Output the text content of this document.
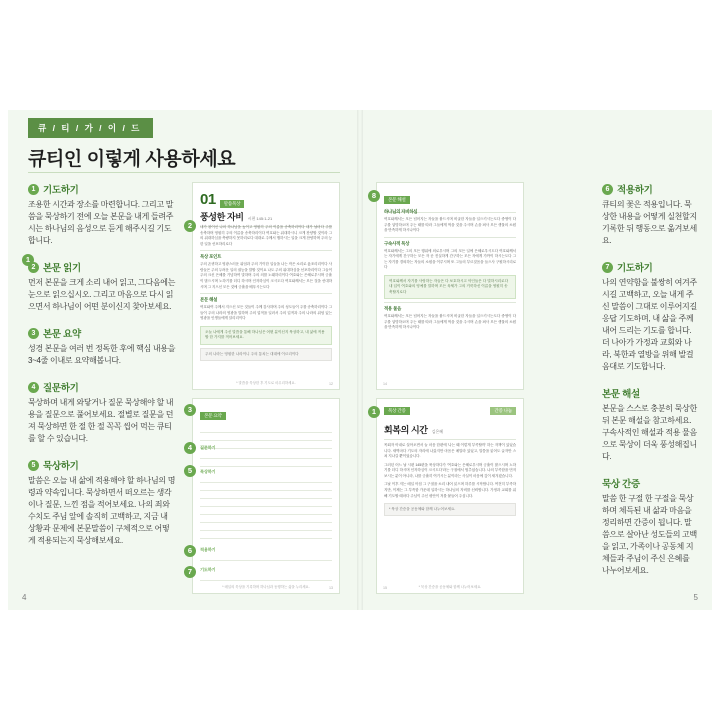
큐 / 티 / 가 / 이 / 드
큐티인 이렇게 사용하세요
1 기도하기
조용한 시간과 장소를 마련합니다. 그리고 말씀을 묵상하기 전에 오늘 본문을 내게 들려주시는 하나님의 음성으로 듣게 해주시길 기도합니다.
2 본문 읽기
먼저 본문을 크게 소리 내어 읽고, 그다음에는 눈으로 읽으십시오. 그리고 마음으로 다시 읽으면서 하나님이 어떤 분이신지 찾아보세요.
3 본문 요약
성경 본문을 여러 번 정독한 후에 핵심 내용을 3~4줄 이내로 요약해봅니다.
4 질문하기
묵상하며 내게 와닿거나 질문 묵상해야 할 내용을 질문으로 풀어보세요. 절별로 질문을 던져 묵상하면 한 절 한 절 꼭꼭 씹어 먹는 큐티를 할 수 있습니다.
5 묵상하기
말씀은 오늘 내 삶에 적용해야 할 하나님의 명령과 약속입니다. 묵상하면서 떠오르는 생각이나 질문, 느낀 점을 적어보세요. 나의 죄와 수치도 주님 앞에 솔직히 고백하고, 지금 내 상황과 문제에 본문말씀이 구체적으로 어떻게 적용되는지 묵상해보세요.
01	말씀묵상
풍성한 자비 시편 145:1-21
내가 왕이신 나의 하나님을 높이고 영원히 주의 이름을 송축하리이다 내가 날마다 주를 송축하며 영원히 주의 이름을 송축하리이다 여호와는 위대하시니 크게 찬양할 것이라 그의 위대하심을 측량하지 못하리로다 대대로 주께서 행하시는 일을 크게 찬양하며 주의 능한 일을 선포하리로다
묵상 포인트
주의 존귀하고 영광스러운 위엄과 주의 기이한 일들을 나는 작은 소리로 읊조리리이다 사람들은 주의 두려운 일의 권능을 말할 것이요 나도 주의 위대하심을 선포하리이다 그들이 주의 크신 은혜를 기념하여 말하며 주의 의를 노래하리이다 여호와는 은혜로우시며 긍휼이 많으시며 노하기를 더디 하시며 인자하심이 크시도다 여호와께서는 모든 것을 선대하시며 그 지으신 모든 것에 긍휼을 베푸시는도다
본문 해설
여호와여 주께서 지으신 모든 것들이 주께 감사하며 주의 성도들이 주를 송축하리이다 그들이 주의 나라의 영광을 말하며 주의 업적을 일러서 주의 업적과 주의 나라의 위엄 있는 영광을 인생들에게 알리리이다
오늘 나에게 주신 말씀을 통해 하나님은 어떤 분이신지 묵상하고, 내 삶에 적용할 한 가지를 적어보세요.
주의 나라는 영원한 나라이니 주의 통치는 대대에 이르리이다
* 말씀을 묵상한 후 기도로 마무리하세요.	12
본문 요약
질문하기
묵상하기
적용하기
기도하기
* 매일의 묵상을 기록하며 하나님과 동행하는 삶을 누리세요.	13
2
3
4
5
6
7
4
본문 해설
하나님의 자비하심
여호와께서는 모든 넘어지는 자들을 붙드시며 비굴한 자들을 일으키시는도다 중생이 다 주를 앙망하오며 주는 때를 따라 그들에게 먹을 것을 주시며 손을 펴사 모든 생물의 소원을 만족하게 하시나이다
구속사적 묵상
여호와께서는 그의 모든 행위에 의로우시며 그의 모든 일에 은혜로우시도다 여호와께서는 자기에게 간구하는 모든 자 곧 진실하게 간구하는 모든 자에게 가까이 하시는도다 그는 자기를 경외하는 자들의 소원을 이루시며 또 그들의 부르짖음을 들으사 구원하시리로다
여호와께서 자기를 사랑하는 자들은 다 보호하시고 악인들은 다 멸하시리로다 내 입이 여호와의 영예를 말하며 모든 육체가 그의 거룩하신 이름을 영원히 송축할지로다
적용 물음
여호와께서는 모든 넘어지는 자들을 붙드시며 비굴한 자들을 일으키시는도다 중생이 다 주를 앙망하오며 주는 때를 따라 그들에게 먹을 것을 주시며 손을 펴사 모든 생물의 소원을 만족하게 하시나이다
14
묵상 간증	간증 나눔
회복의 시간 김은혜
목회자 아내로 살아오면서 늘 마음 한편에 '나는 왜 이렇게 부족할까' 하는 자책이 있었습니다. 새벽마다 기도의 자리에 나갔지만 마음은 메말라 있었고, 말씀을 읽어도 글자만 스쳐 지나갈 뿐이었습니다.
그러던 어느 날 시편 145편을 묵상하다가 '여호와는 은혜로우시며 긍휼이 많으시며 노하기를 더디 하시며 인자하심이 크시도다'라는 구절에서 멈추었습니다. 나의 부족함을 먼저 보시는 분이 아니라, 나를 긍휼히 여기시는 분이라는 사실이 마음에 깊이 새겨졌습니다.
그날 이후 저는 매일 아침 그 구절을 소리 내어 읽으며 하루를 시작합니다. 여전히 부족하지만, 이제는 그 부족함 가운데 일하시는 하나님의 자비를 신뢰합니다. 가정과 교회를 위해 기도할 때마다 주님이 주신 평안이 저를 붙들어 주십니다.
* 묵상 간증을 공동체와 함께 나누어보세요.
* 묵상 간증을 공동체와 함께 나누어보세요.
15
6 적용하기
큐티의 꽃은 적용입니다. 묵상한 내용을 어떻게 실천할지 기록한 뒤 행동으로 옮겨보세요.
7 기도하기
나의 연약함을 불쌍히 여겨주시길 고백하고, 오늘 내게 주신 말씀이 그대로 이루어지길 응답 기도하며, 내 삶을 주께 내어 드리는 기도를 합니다. 더 나아가 가정과 교회와 나라, 북한과 열방을 위해 발걸음대로 기도합니다.
본문 해설
본문을 스스로 충분히 묵상한 뒤 본문 해설을 참고하세요. 구속사적인 해설과 적용 물음으로 묵상이 더욱 풍성해집니다.
묵상 간증
말씀 한 구절 한 구절을 묵상하며 체득된 내 삶과 마음을 정리하면 간증이 됩니다. 말씀으로 살아난 성도들의 고백을 읽고, 가족이나 공동체 지체들과 주님이 주신 은혜를 나누어보세요.
8
1
5
1
